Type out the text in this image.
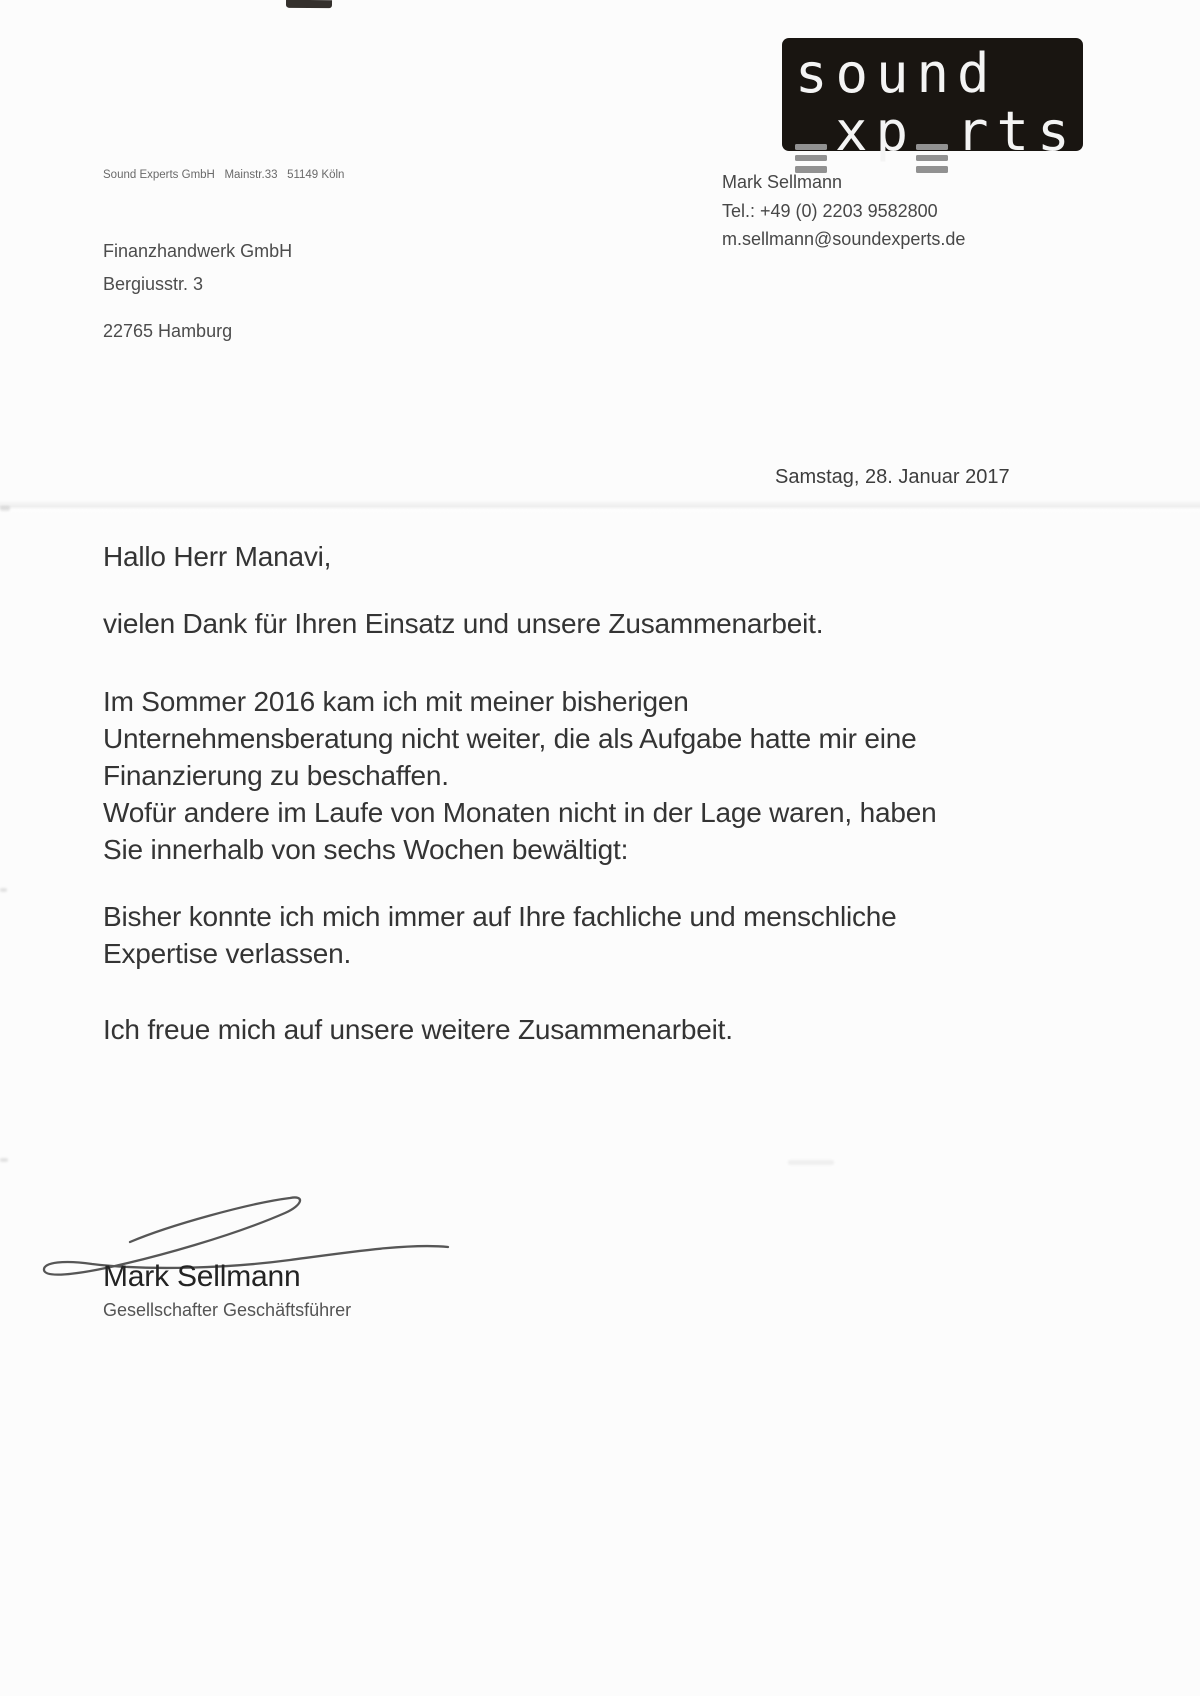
sound
x p r t s
Sound Experts GmbH   Mainstr.33   51149 Köln
Finanzhandwerk GmbH
Bergiusstr. 3
22765 Hamburg
Mark Sellmann
Tel.: +49 (0) 2203 9582800
m.sellmann@soundexperts.de
Samstag, 28. Januar 2017
Hallo Herr Manavi,
vielen Dank für Ihren Einsatz und unsere Zusammenarbeit.
Im Sommer 2016 kam ich mit meiner bisherigen
Unternehmensberatung nicht weiter, die als Aufgabe hatte mir eine
Finanzierung zu beschaffen.
Wofür andere im Laufe von Monaten nicht in der Lage waren, haben
Sie innerhalb von sechs Wochen bewältigt:
Bisher konnte ich mich immer auf Ihre fachliche und menschliche
Expertise verlassen.
Ich freue mich auf unsere weitere Zusammenarbeit.
Mark Sellmann
Gesellschafter Geschäftsführer
